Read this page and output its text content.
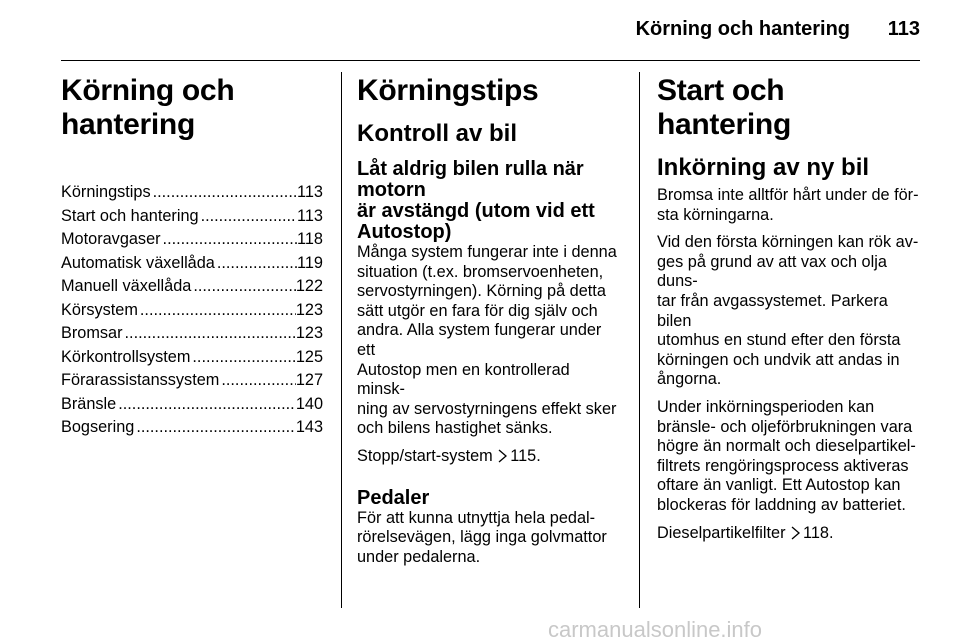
Körning och hantering	113
Körning och hantering
Körningstips .....	113
Start och hantering .....	113
Motoravgaser .....	118
Automatisk växellåda .....	119
Manuell växellåda .....	122
Körsystem .....	123
Bromsar .....	123
Körkontrollsystem .....	125
Förarassistanssystem .....	127
Bränsle .....	140
Bogsering .....	143
Körningstips
Kontroll av bil
Låt aldrig bilen rulla när motorn
är avstängd (utom vid ett
Autostop)

Många system fungerar inte i denna
situation (t.ex. bromservoenheten,
servostyrningen). Körning på detta
sätt utgör en fara för dig själv och
andra. Alla system fungerar under ett
Autostop men en kontrollerad minsk-
ning av servostyrningens effekt sker
och bilens hastighet sänks.

Stopp/start-system 115.

Pedaler

För att kunna utnyttja hela pedal-
rörelsevägen, lägg inga golvmattor
under pedalerna.

Start och hantering
Inkörning av ny bil

Bromsa inte alltför hårt under de för-
sta körningarna.

Vid den första körningen kan rök av-
ges på grund av att vax och olja duns-
tar från avgassystemet. Parkera bilen
utomhus en stund efter den första
körningen och undvik att andas in
ångorna.

Under inkörningsperioden kan
bränsle- och oljeförbrukningen vara
högre än normalt och dieselpartikel-
filtrets rengöringsprocess aktiveras
oftare än vanligt. Ett Autostop kan
blockeras för laddning av batteriet.

Dieselpartikelfilter 118.

carmanualsonline.info
